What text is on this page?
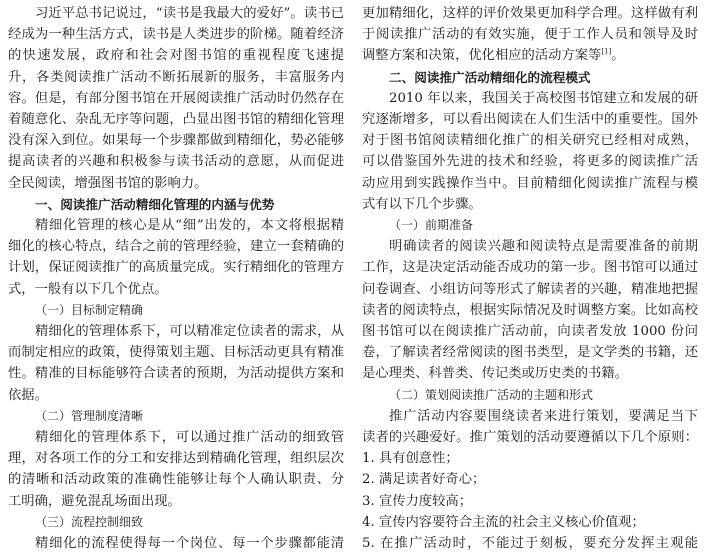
习近平总书记说过，“读书是我最大的爱好”。读书已
经成为一种生活方式，读书是人类进步的阶梯。随着经济
的快速发展，政府和社会对图书馆的重视程度飞速提
升，各类阅读推广活动不断拓展新的服务，丰富服务内
容。但是，有部分图书馆在开展阅读推广活动时仍然存在
着随意化、杂乱无序等问题，凸显出图书馆的精细化管理
没有深入到位。如果每一个步骤都做到精细化，势必能够
提高读者的兴趣和积极参与读书活动的意愿，从而促进
全民阅读，增强图书馆的影响力。
一、阅读推广活动精细化管理的内涵与优势
精细化管理的核心是从“细”出发的，本文将根据精
细化的核心特点，结合之前的管理经验，建立一套精确的
计划，保证阅读推广的高质量完成。实行精细化的管理方
式，一般有以下几个优点。
（一）目标制定精确
精细化的管理体系下，可以精准定位读者的需求，从
而制定相应的政策，使得策划主题、目标活动更具有精准
性。精准的目标能够符合读者的预期，为活动提供方案和
依据。
（二）管理制度清晰
精细化的管理体系下，可以通过推广活动的细致管
理，对各项工作的分工和安排达到精确化管理，组织层次
的清晰和活动政策的准确性能够让每个人确认职责、分
工明确，避免混乱场面出现。
（三）流程控制细致
精细化的流程使得每一个岗位、每一个步骤都能清
更加精细化，这样的评价效果更加科学合理。这样做有利
于阅读推广活动的有效实施，便于工作人员和领导及时
调整方案和决策，优化相应的活动方案等[1]。
二、阅读推广活动精细化的流程模式
2010 年以来，我国关于高校图书馆建立和发展的研
究逐渐增多，可以看出阅读在人们生活中的重要性。国外
对于图书馆阅读精细化推广的相关研究已经相对成熟，
可以借鉴国外先进的技术和经验，将更多的阅读推广活
动应用到实践操作当中。目前精细化阅读推广流程与模
式有以下几个步骤。
（一）前期准备
明确读者的阅读兴趣和阅读特点是需要准备的前期
工作，这是决定活动能否成功的第一步。图书馆可以通过
问卷调查、小组访问等形式了解读者的兴趣，精准地把握
读者的阅读特点，根据实际情况及时调整方案。比如高校
图书馆可以在阅读推广活动前，向读者发放 1000 份问
卷，了解读者经常阅读的图书类型，是文学类的书籍，还
是心理类、科普类、传记类或历史类的书籍。
（二）策划阅读推广活动的主题和形式
推广活动内容要围绕读者来进行策划，要满足当下
读者的兴趣爱好。推广策划的活动要遵循以下几个原则：
1. 具有创意性；
2. 满足读者好奇心；
3. 宣传力度较高；
4. 宣传内容要符合主流的社会主义核心价值观；
5. 在推广活动时，不能过于刻板，要充分发挥主观能
